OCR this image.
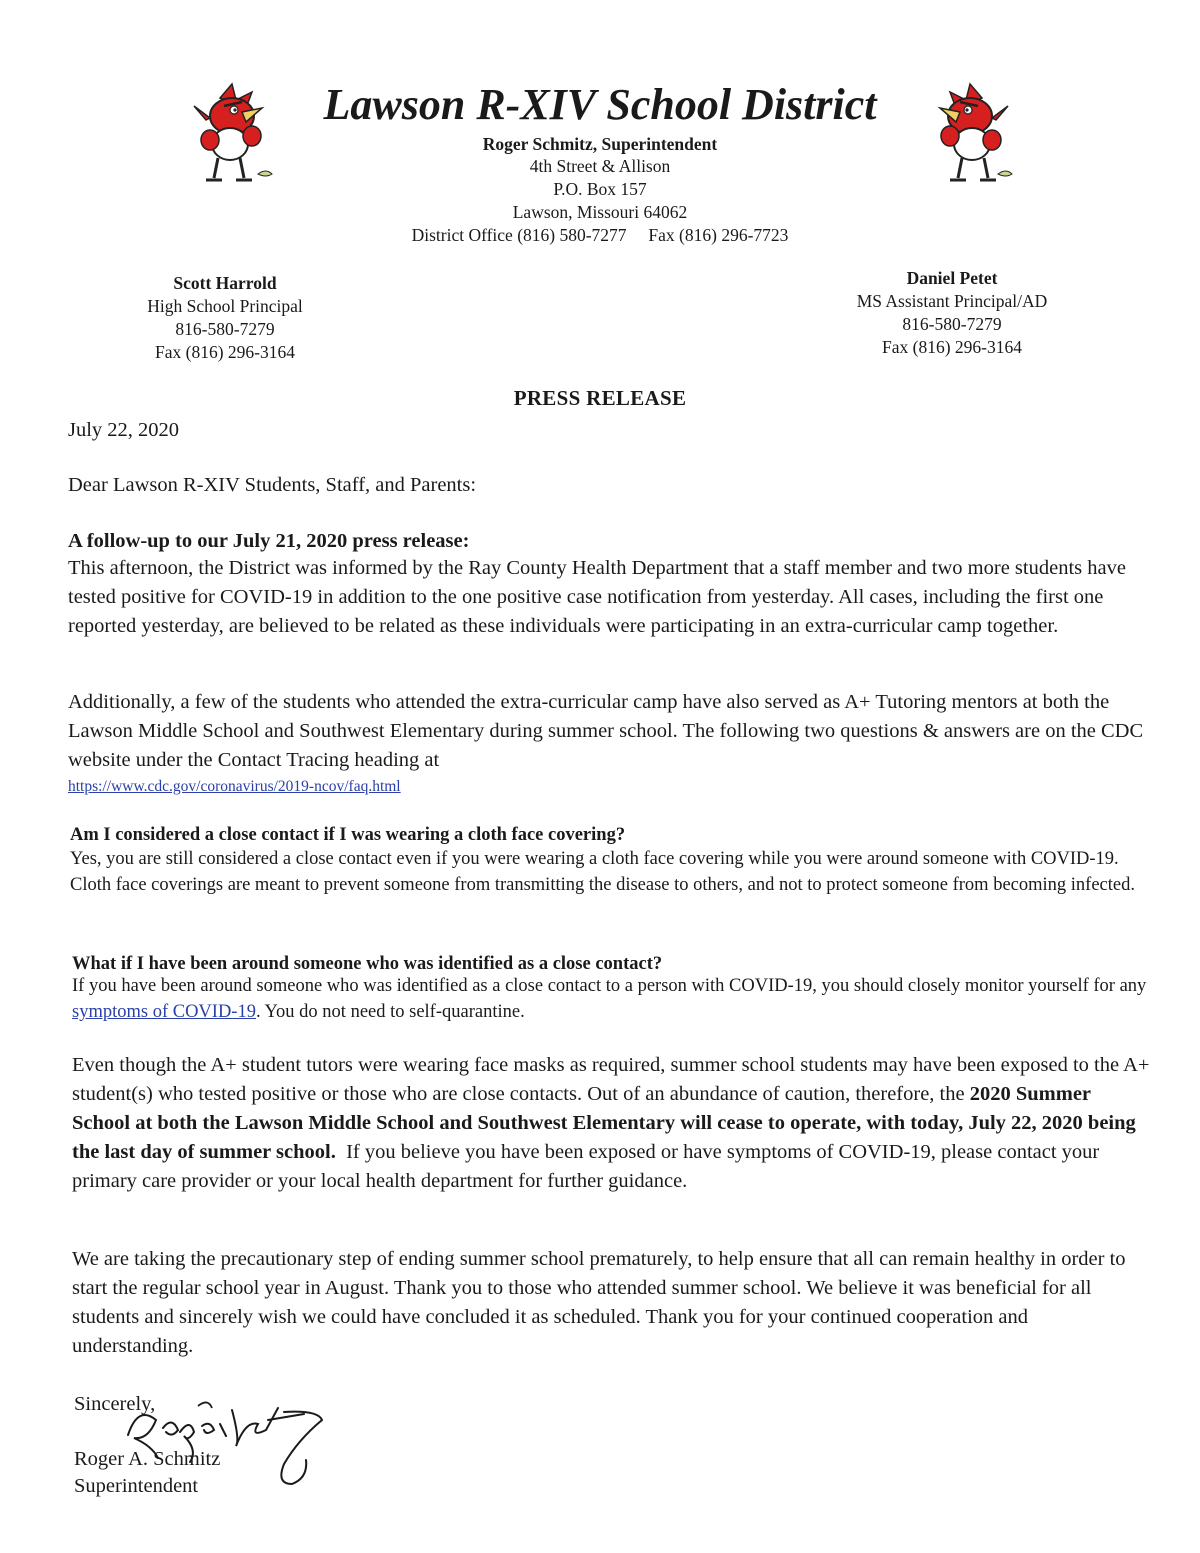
Lawson R-XIV School District
Roger Schmitz, Superintendent
4th Street & Allison
P.O. Box 157
Lawson, Missouri 64062
District Office (816) 580-7277     Fax (816) 296-7723
Scott Harrold
High School Principal
816-580-7279
Fax (816) 296-3164
Daniel Petet
MS Assistant Principal/AD
816-580-7279
Fax (816) 296-3164
PRESS RELEASE

July 22, 2020

Dear Lawson R-XIV Students, Staff, and Parents:

A follow-up to our July 21, 2020 press release:

This afternoon, the District was informed by the Ray County Health Department that a staff member and two more students have tested positive for COVID-19 in addition to the one positive case notification from yesterday. All cases, including the first one reported yesterday, are believed to be related as these individuals were participating in an extra-curricular camp together.

Additionally, a few of the students who attended the extra-curricular camp have also served as A+ Tutoring mentors at both the Lawson Middle School and Southwest Elementary during summer school. The following two questions & answers are on the CDC website under the Contact Tracing heading at
https://www.cdc.gov/coronavirus/2019-ncov/faq.html
Am I considered a close contact if I was wearing a cloth face covering?
Yes, you are still considered a close contact even if you were wearing a cloth face covering while you were around someone with COVID-19. Cloth face coverings are meant to prevent someone from transmitting the disease to others, and not to protect someone from becoming infected.
What if I have been around someone who was identified as a close contact?
If you have been around someone who was identified as a close contact to a person with COVID-19, you should closely monitor yourself for any symptoms of COVID-19. You do not need to self-quarantine.

Even though the A+ student tutors were wearing face masks as required, summer school students may have been exposed to the A+ student(s) who tested positive or those who are close contacts. Out of an abundance of caution, therefore, the 2020 Summer School at both the Lawson Middle School and Southwest Elementary will cease to operate, with today, July 22, 2020 being the last day of summer school.  If you believe you have been exposed or have symptoms of COVID-19, please contact your primary care provider or your local health department for further guidance.

We are taking the precautionary step of ending summer school prematurely, to help ensure that all can remain healthy in order to start the regular school year in August. Thank you to those who attended summer school. We believe it was beneficial for all students and sincerely wish we could have concluded it as scheduled. Thank you for your continued cooperation and understanding.

Sincerely,
Roger A. Schmitz
Superintendent
